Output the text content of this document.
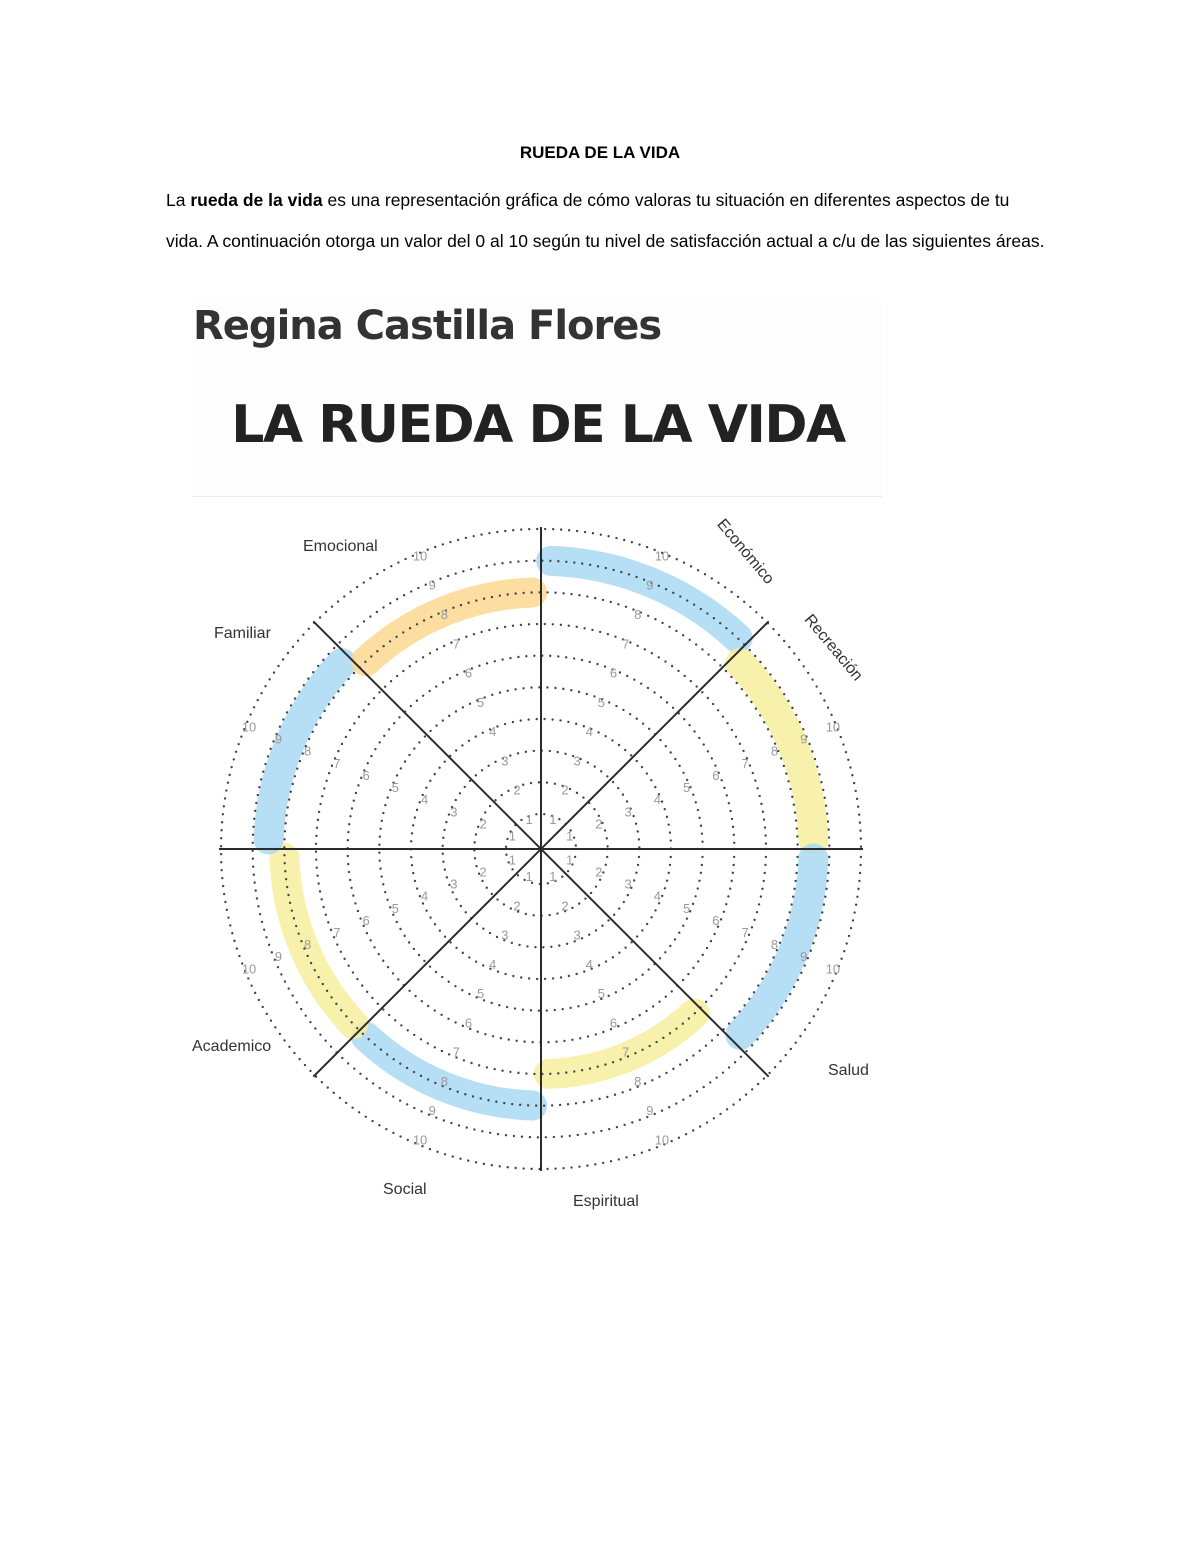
RUEDA DE LA VIDA

La rueda de la vida es una representación gráfica de cómo valoras tu situación en diferentes aspectos de tu vida. A continuación otorga un valor del 0 al 10 según tu nivel de satisfacción actual a c/u de las siguientes áreas.

Regina Castilla Flores
LA RUEDA DE LA VIDA
1
2
3
4
5
6
7
8
9
10
1
2
3
4
5
6
7
8
9
10
1
2
3
4
5
6
7
8
9
10
1
2
3
4
5
6
7
8
9
10
1
2
3
4
5
6
7
8
9
10
1
2
3
4
5
6
7
8
9
10
1
2
3
4
5
6
7
8
9
10
1
2
3
4
5
6
7
8
9
10	Económico
Recreación
Salud
Espiritual
Social
Academico
Familiar
Emocional
